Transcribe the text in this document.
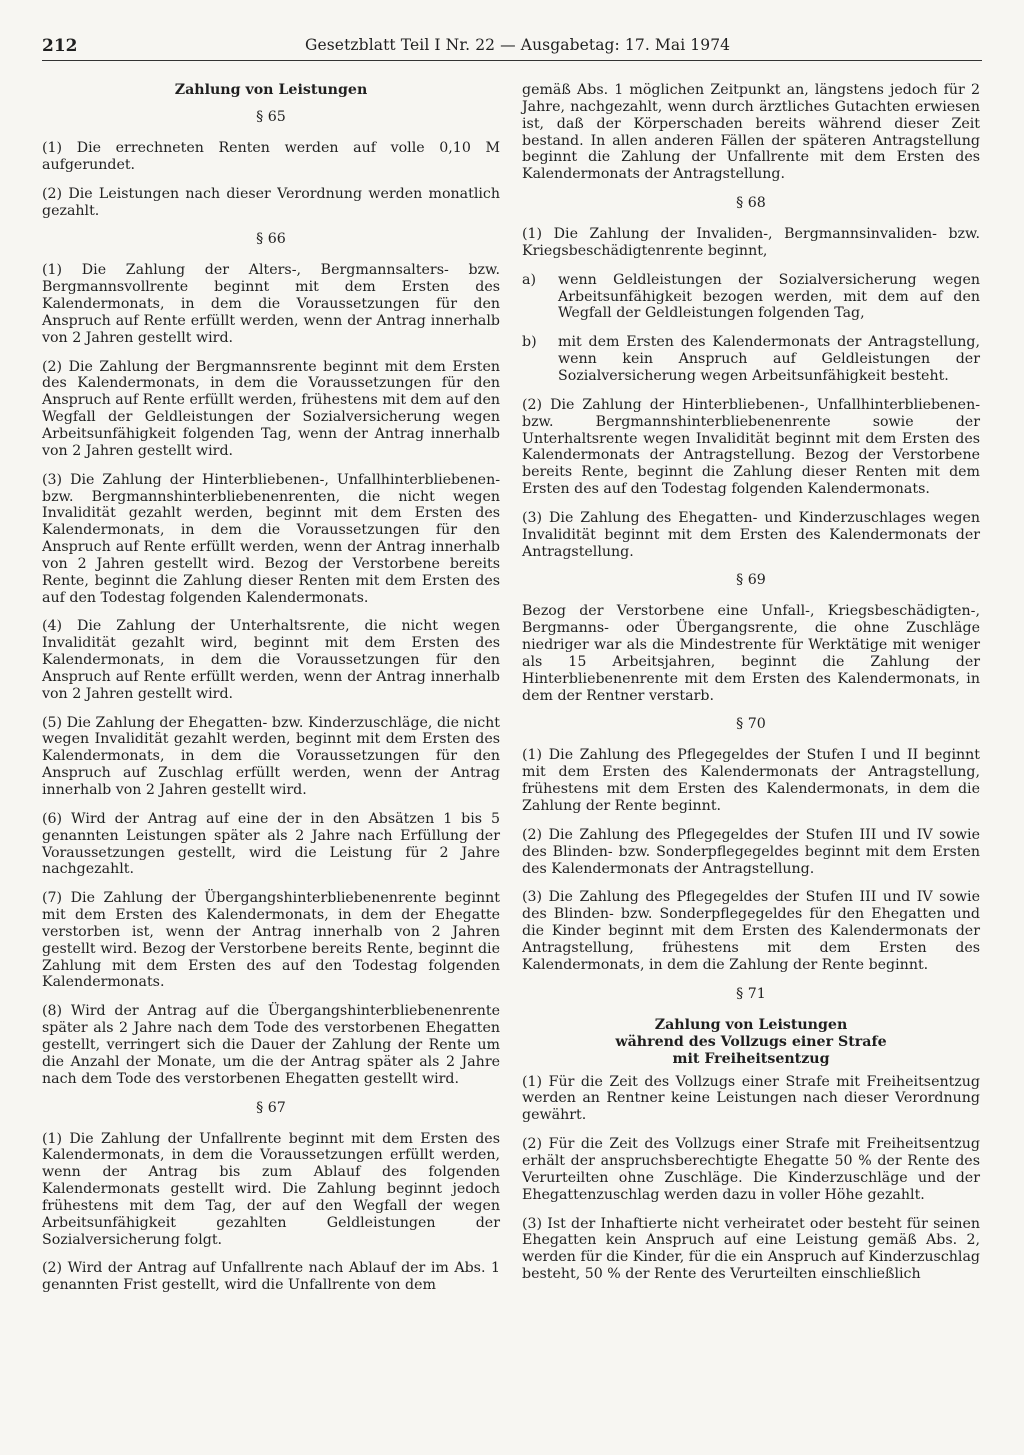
212	Gesetzblatt Teil I Nr. 22 — Ausgabetag: 17. Mai 1974
Zahlung von Leistungen
§ 65

(1) Die errechneten Renten werden auf volle 0,10 M aufgerundet.

(2) Die Leistungen nach dieser Verordnung werden monatlich gezahlt.

§ 66

(1) Die Zahlung der Alters-, Bergmannsalters- bzw. Bergmannsvollrente beginnt mit dem Ersten des Kalendermonats, in dem die Voraussetzungen für den Anspruch auf Rente erfüllt werden, wenn der Antrag innerhalb von 2 Jahren gestellt wird.

(2) Die Zahlung der Bergmannsrente beginnt mit dem Ersten des Kalendermonats, in dem die Voraussetzungen für den Anspruch auf Rente erfüllt werden, frühestens mit dem auf den Wegfall der Geldleistungen der Sozialversicherung wegen Arbeitsunfähigkeit folgenden Tag, wenn der Antrag innerhalb von 2 Jahren gestellt wird.

(3) Die Zahlung der Hinterbliebenen-, Unfallhinterbliebenen- bzw. Bergmannshinterbliebenenrenten, die nicht wegen Invalidität gezahlt werden, beginnt mit dem Ersten des Kalendermonats, in dem die Voraussetzungen für den Anspruch auf Rente erfüllt werden, wenn der Antrag innerhalb von 2 Jahren gestellt wird. Bezog der Verstorbene bereits Rente, beginnt die Zahlung dieser Renten mit dem Ersten des auf den Todestag folgenden Kalendermonats.

(4) Die Zahlung der Unterhaltsrente, die nicht wegen Invalidität gezahlt wird, beginnt mit dem Ersten des Kalendermonats, in dem die Voraussetzungen für den Anspruch auf Rente erfüllt werden, wenn der Antrag innerhalb von 2 Jahren gestellt wird.

(5) Die Zahlung der Ehegatten- bzw. Kinderzuschläge, die nicht wegen Invalidität gezahlt werden, beginnt mit dem Ersten des Kalendermonats, in dem die Voraussetzungen für den Anspruch auf Zuschlag erfüllt werden, wenn der Antrag innerhalb von 2 Jahren gestellt wird.

(6) Wird der Antrag auf eine der in den Absätzen 1 bis 5 genannten Leistungen später als 2 Jahre nach Erfüllung der Voraussetzungen gestellt, wird die Leistung für 2 Jahre nachgezahlt.

(7) Die Zahlung der Übergangshinterbliebenenrente beginnt mit dem Ersten des Kalendermonats, in dem der Ehegatte verstorben ist, wenn der Antrag innerhalb von 2 Jahren gestellt wird. Bezog der Verstorbene bereits Rente, beginnt die Zahlung mit dem Ersten des auf den Todestag folgenden Kalendermonats.

(8) Wird der Antrag auf die Übergangshinterbliebenenrente später als 2 Jahre nach dem Tode des verstorbenen Ehegatten gestellt, verringert sich die Dauer der Zahlung der Rente um die Anzahl der Monate, um die der Antrag später als 2 Jahre nach dem Tode des verstorbenen Ehegatten gestellt wird.

§ 67

(1) Die Zahlung der Unfallrente beginnt mit dem Ersten des Kalendermonats, in dem die Voraussetzungen erfüllt werden, wenn der Antrag bis zum Ablauf des folgenden Kalendermonats gestellt wird. Die Zahlung beginnt jedoch frühestens mit dem Tag, der auf den Wegfall der wegen Arbeitsunfähigkeit gezahlten Geldleistungen der Sozialversicherung folgt.

(2) Wird der Antrag auf Unfallrente nach Ablauf der im Abs. 1 genannten Frist gestellt, wird die Unfallrente von dem

gemäß Abs. 1 möglichen Zeitpunkt an, längstens jedoch für 2 Jahre, nachgezahlt, wenn durch ärztliches Gutachten erwiesen ist, daß der Körperschaden bereits während dieser Zeit bestand. In allen anderen Fällen der späteren Antragstellung beginnt die Zahlung der Unfallrente mit dem Ersten des Kalendermonats der Antragstellung.

§ 68

(1) Die Zahlung der Invaliden-, Bergmannsinvaliden- bzw. Kriegsbeschädigtenrente beginnt,

a)	wenn Geldleistungen der Sozialversicherung wegen Arbeitsunfähigkeit bezogen werden, mit dem auf den Wegfall der Geldleistungen folgenden Tag,
b)	mit dem Ersten des Kalendermonats der Antragstellung, wenn kein Anspruch auf Geldleistungen der Sozialversicherung wegen Arbeitsunfähigkeit besteht.

(2) Die Zahlung der Hinterbliebenen-, Unfallhinterbliebenen- bzw. Bergmannshinterbliebenenrente sowie der Unterhaltsrente wegen Invalidität beginnt mit dem Ersten des Kalendermonats der Antragstellung. Bezog der Verstorbene bereits Rente, beginnt die Zahlung dieser Renten mit dem Ersten des auf den Todestag folgenden Kalendermonats.

(3) Die Zahlung des Ehegatten- und Kinderzuschlages wegen Invalidität beginnt mit dem Ersten des Kalendermonats der Antragstellung.

§ 69

Bezog der Verstorbene eine Unfall-, Kriegsbeschädigten-, Bergmanns- oder Übergangsrente, die ohne Zuschläge niedriger war als die Mindestrente für Werktätige mit weniger als 15 Arbeitsjahren, beginnt die Zahlung der Hinterbliebenenrente mit dem Ersten des Kalendermonats, in dem der Rentner verstarb.

§ 70

(1) Die Zahlung des Pflegegeldes der Stufen I und II beginnt mit dem Ersten des Kalendermonats der Antragstellung, frühestens mit dem Ersten des Kalendermonats, in dem die Zahlung der Rente beginnt.

(2) Die Zahlung des Pflegegeldes der Stufen III und IV sowie des Blinden- bzw. Sonderpflegegeldes beginnt mit dem Ersten des Kalendermonats der Antragstellung.

(3) Die Zahlung des Pflegegeldes der Stufen III und IV sowie des Blinden- bzw. Sonderpflegegeldes für den Ehegatten und die Kinder beginnt mit dem Ersten des Kalendermonats der Antragstellung, frühestens mit dem Ersten des Kalendermonats, in dem die Zahlung der Rente beginnt.

§ 71
Zahlung von Leistungen
während des Vollzugs einer Strafe
mit Freiheitsentzug

(1) Für die Zeit des Vollzugs einer Strafe mit Freiheitsentzug werden an Rentner keine Leistungen nach dieser Verordnung gewährt.

(2) Für die Zeit des Vollzugs einer Strafe mit Freiheitsentzug erhält der anspruchsberechtigte Ehegatte 50 % der Rente des Verurteilten ohne Zuschläge. Die Kinderzuschläge und der Ehegattenzuschlag werden dazu in voller Höhe gezahlt.

(3) Ist der Inhaftierte nicht verheiratet oder besteht für seinen Ehegatten kein Anspruch auf eine Leistung gemäß Abs. 2, werden für die Kinder, für die ein Anspruch auf Kinderzuschlag besteht, 50 % der Rente des Verurteilten einschließlich
